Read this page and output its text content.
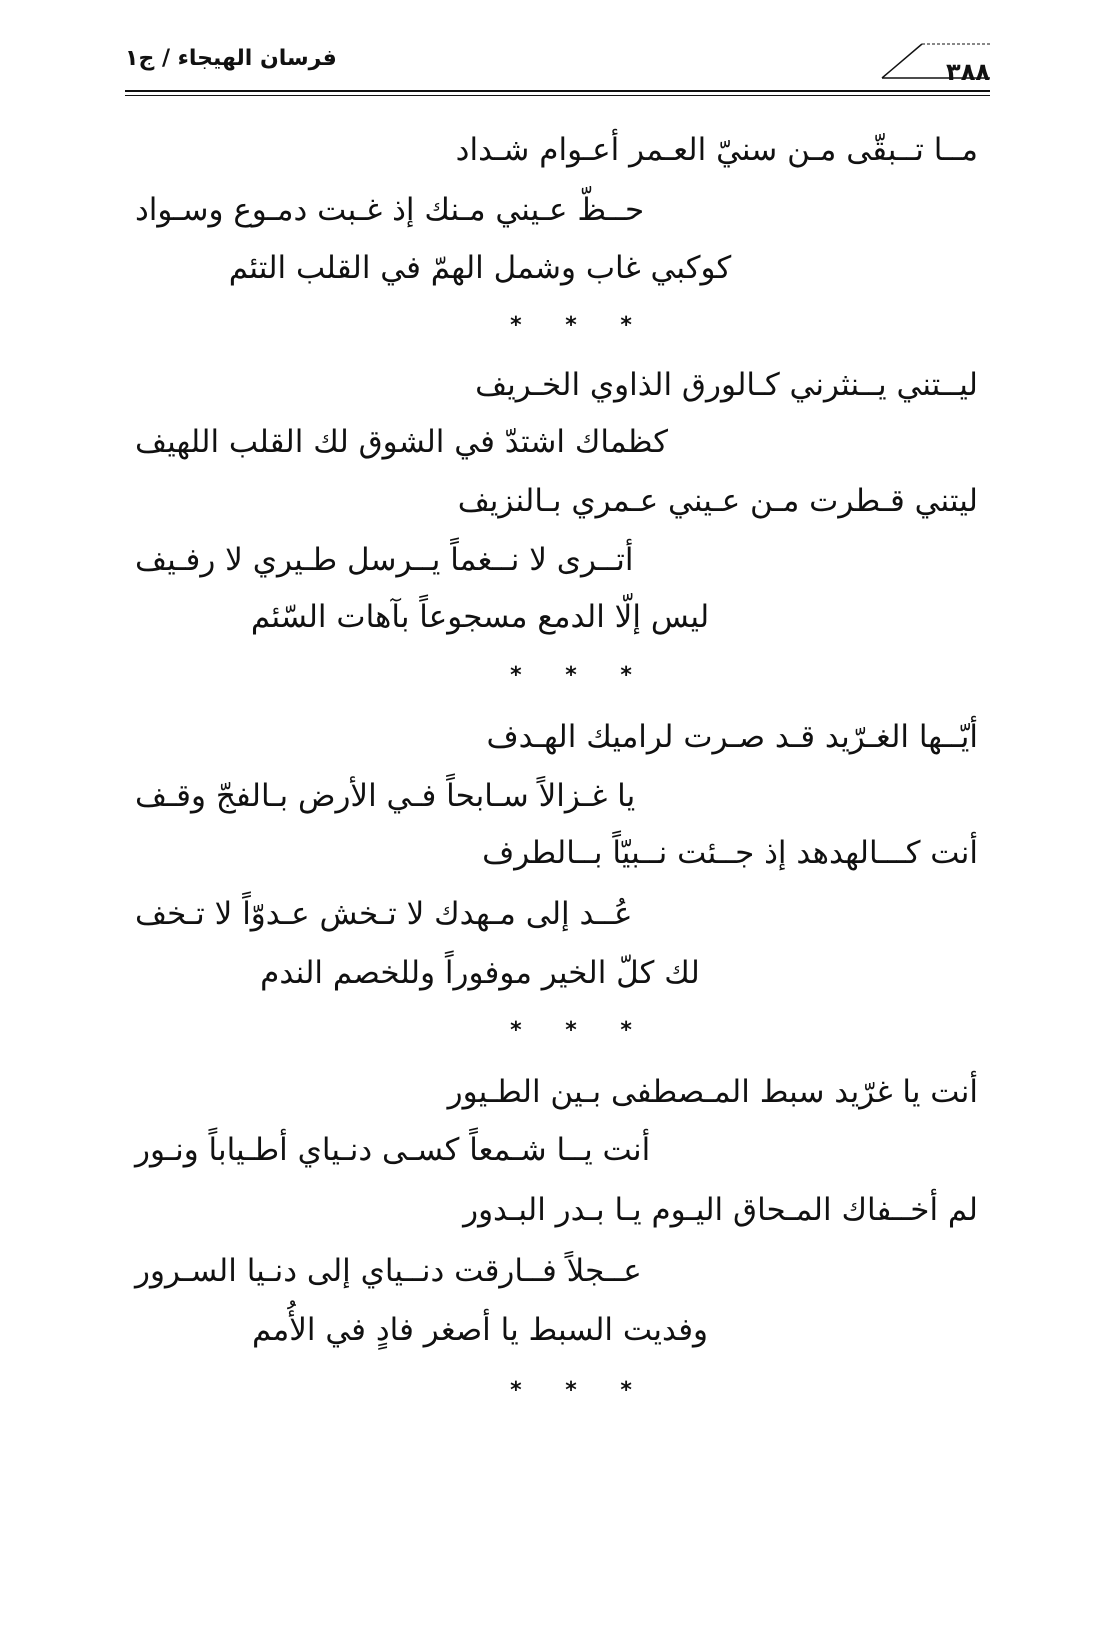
فرسان الهيجاء / ج١	٣٨٨
مــا تــبقّى مـن سنيّ العـمر أعـوام شـداد
حــظّ عـيني مـنك إذ غـبت دمـوع وسـواد
كوكبي غاب وشمل الهمّ في القلب التئم
* * *
ليــتني يــنثرني كـالورق الذاوي الخـريف
كظماك اشتدّ في الشوق لك القلب اللهيف
ليتني قـطرت مـن عـيني عـمري بـالنزيف
أتــرى لا نــغماً يــرسل طـيري لا رفـيف
ليس إلّا الدمع مسجوعاً بآهات السّئم
* * *
أيّــها الغـرّيد قـد صـرت لراميك الهـدف
يا غـزالاً سـابحاً فـي الأرض بـالفجّ وقـف
أنت كـــالهدهد إذ جــئت نــبيّاً بــالطرف
عُــد إلى مـهدك لا تـخش عـدوّاً لا تـخف
لك كلّ الخير موفوراً وللخصم الندم
* * *
أنت يا غرّيد سبط المـصطفى بـين الطـيور
أنت يــا شـمعاً كسـى دنـياي أطـياباً ونـور
لم أخــفاك المـحاق اليـوم يـا بـدر البـدور
عــجلاً فــارقت دنــياي إلى دنـيا السـرور
وفديت السبط يا أصغر فادٍ في الأُمم
* * *
